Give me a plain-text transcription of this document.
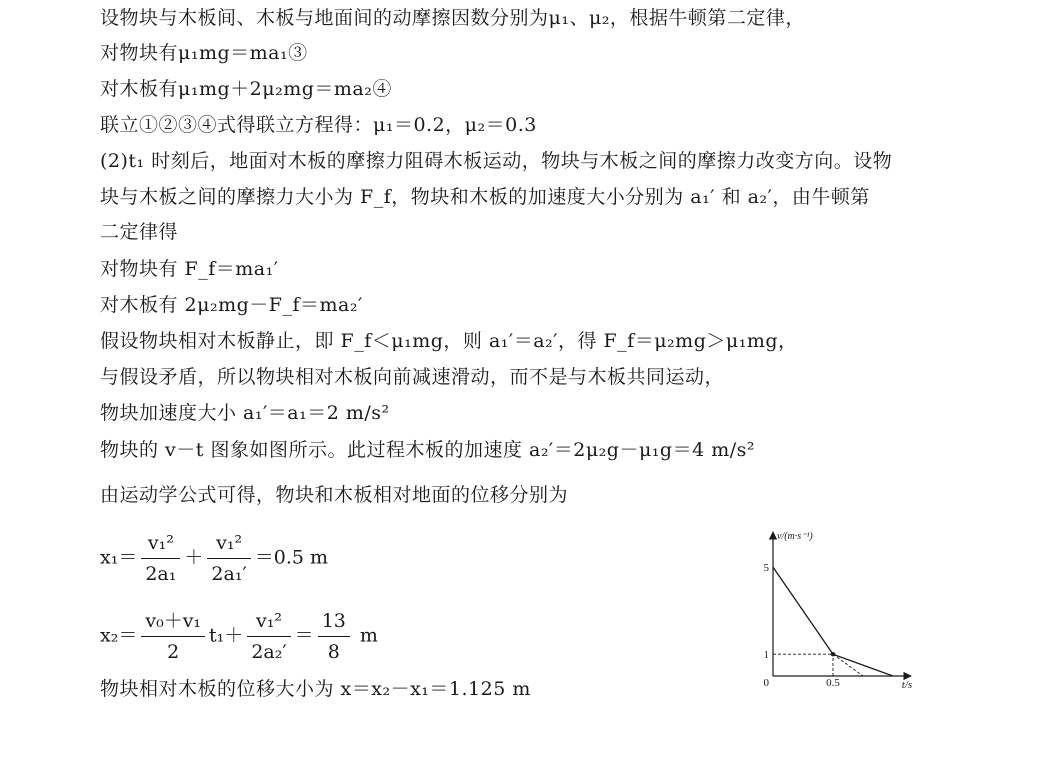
设物块与木板间、木板与地面间的动摩擦因数分别为μ₁、μ₂，根据牛顿第二定律，
对物块有μ₁mg＝ma₁③
对木板有μ₁mg＋2μ₂mg＝ma₂④
联立①②③④式得联立方程得：μ₁＝0.2，μ₂＝0.3
(2)t₁ 时刻后，地面对木板的摩擦力阻碍木板运动，物块与木板之间的摩擦力改变方向。设物
块与木板之间的摩擦力大小为 F_f，物块和木板的加速度大小分别为 a₁′ 和 a₂′，由牛顿第
二定律得
对物块有 F_f＝ma₁′
对木板有 2μ₂mg－F_f＝ma₂′
假设物块相对木板静止，即 F_f＜μ₁mg，则 a₁′＝a₂′，得 F_f＝μ₂mg＞μ₁mg，
与假设矛盾，所以物块相对木板向前减速滑动，而不是与木板共同运动，
物块加速度大小 a₁′＝a₁＝2 m/s²
物块的 v－t 图象如图所示。此过程木板的加速度 a₂′＝2μ₂g－μ₁g＝4 m/s²
由运动学公式可得，物块和木板相对地面的位移分别为
$x_1= \frac{\text{v₁²}}{\text{2a₁}} + \frac{\text{v₁²}}{\text{2a₁′}} =0.5$ m
$x_2= \frac{\text{v₀＋v₁}}{2} t_1+ \frac{\text{v₁²}}{\text{2a₂′}} = \frac{13}{8}$ m
物块相对木板的位移大小为 x＝x₂－x₁＝1.125 m
1
5
0.5
0
v/(m·s⁻¹)
t/s
